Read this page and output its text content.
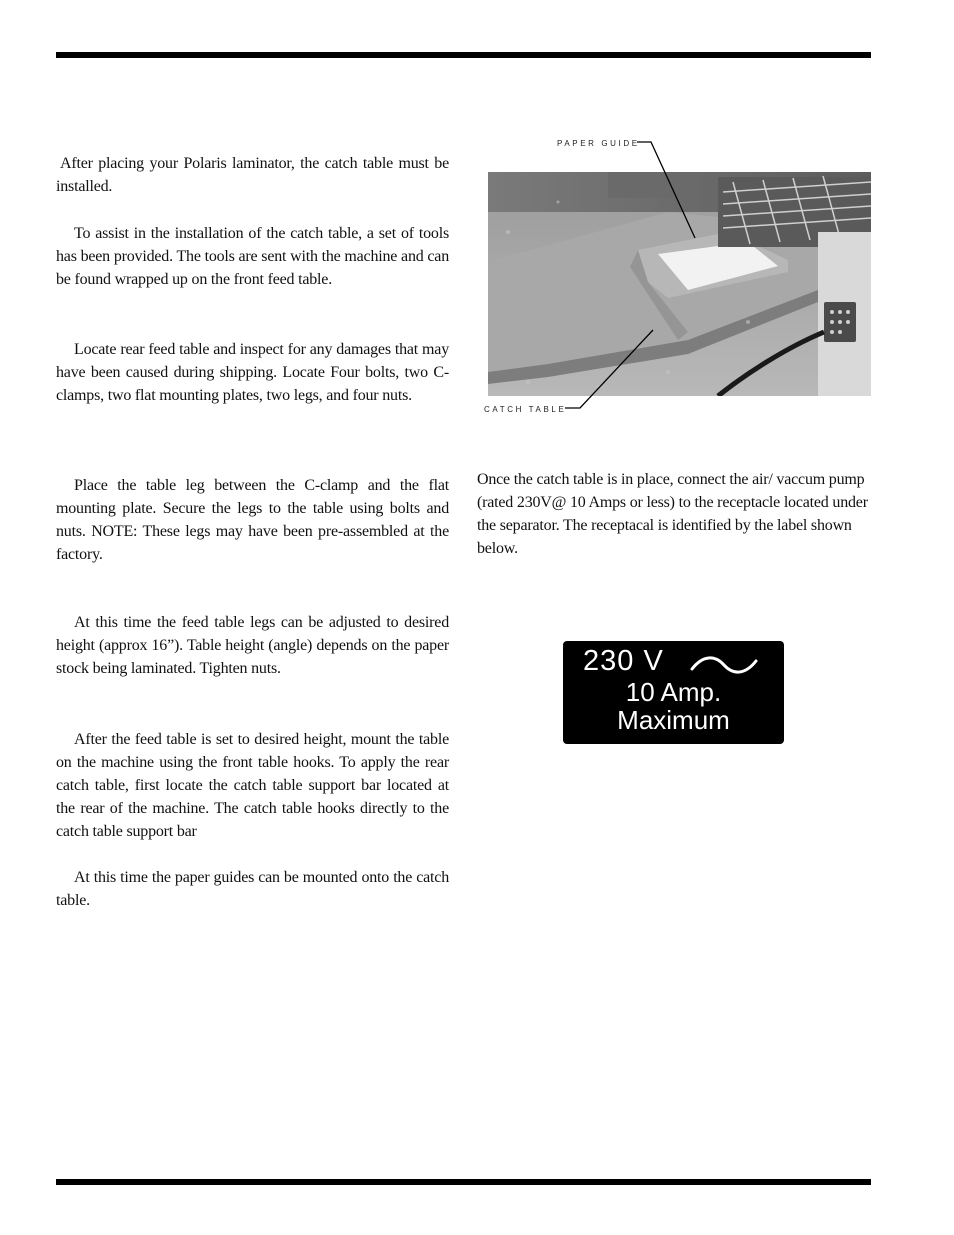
After placing your Polaris laminator, the catch table must be installed.

To assist in the installation of the catch table, a set of tools has been provided. The tools are sent with the machine and can be found wrapped up on the front feed table.

Locate rear feed table and inspect for any damages that may have been caused during shipping. Locate Four bolts, two C-clamps, two flat mounting plates, two legs, and four nuts.

Place the table leg between the C-clamp and the flat mounting plate. Secure the legs to the table using bolts and nuts. NOTE: These legs may have been pre-assembled at the factory.

At this time the feed table legs can be adjusted to desired height (approx 16”). Table height (angle) depends on the paper stock being laminated. Tighten nuts.

After the feed table is set to desired height, mount the table on the machine using the front table hooks. To apply the rear catch table, first locate the catch table support bar located at the rear of the machine. The catch table hooks directly to the catch table support bar

At this time the paper guides can be mounted onto the catch table.

PAPER GUIDE
CATCH TABLE

Once the catch table is in place, connect the air/ vaccum pump (rated 230V@ 10 Amps or less) to the receptacle located under the separator. The receptacal is identified by the label shown below.

230 V
10 Amp.
Maximum
